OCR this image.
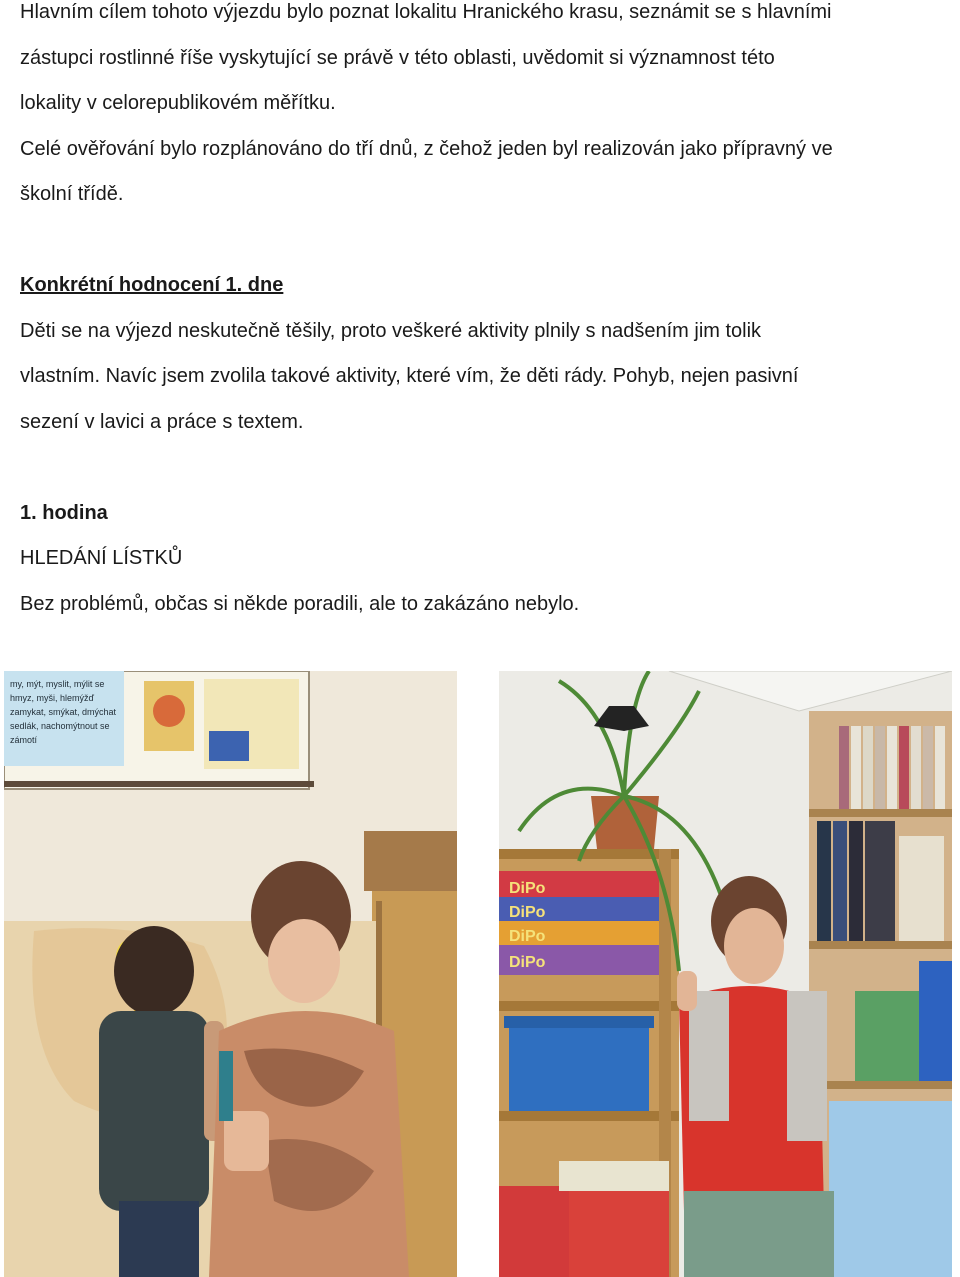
Hlavním cílem tohoto výjezdu bylo poznat lokalitu Hranického krasu, seznámit se s hlavními

zástupci rostlinné říše vyskytující se právě v této oblasti, uvědomit si významnost této

lokality v celorepublikovém měřítku.

Celé ověřování bylo rozplánováno do tří dnů, z čehož jeden byl realizován jako přípravný ve

školní třídě.

Konkrétní hodnocení 1. dne

Děti se na výjezd neskutečně těšily, proto veškeré aktivity plnily s nadšením jim tolik

vlastním. Navíc jsem zvolila takové aktivity, které vím, že děti rády. Pohyb, nejen pasivní

sezení v lavici a práce s textem.

1. hodina

HLEDÁNÍ LÍSTKŮ

Bez problémů, občas si někde poradili, ale to zakázáno nebylo.

my, mýt, myslit, mýlit se
hmyz, myši, hlemýžď
zamykat, smýkat, dmýchat
sedlák, nachomýtnout se
zámotí
DiPo
DiPo
DiPo
DiPo
